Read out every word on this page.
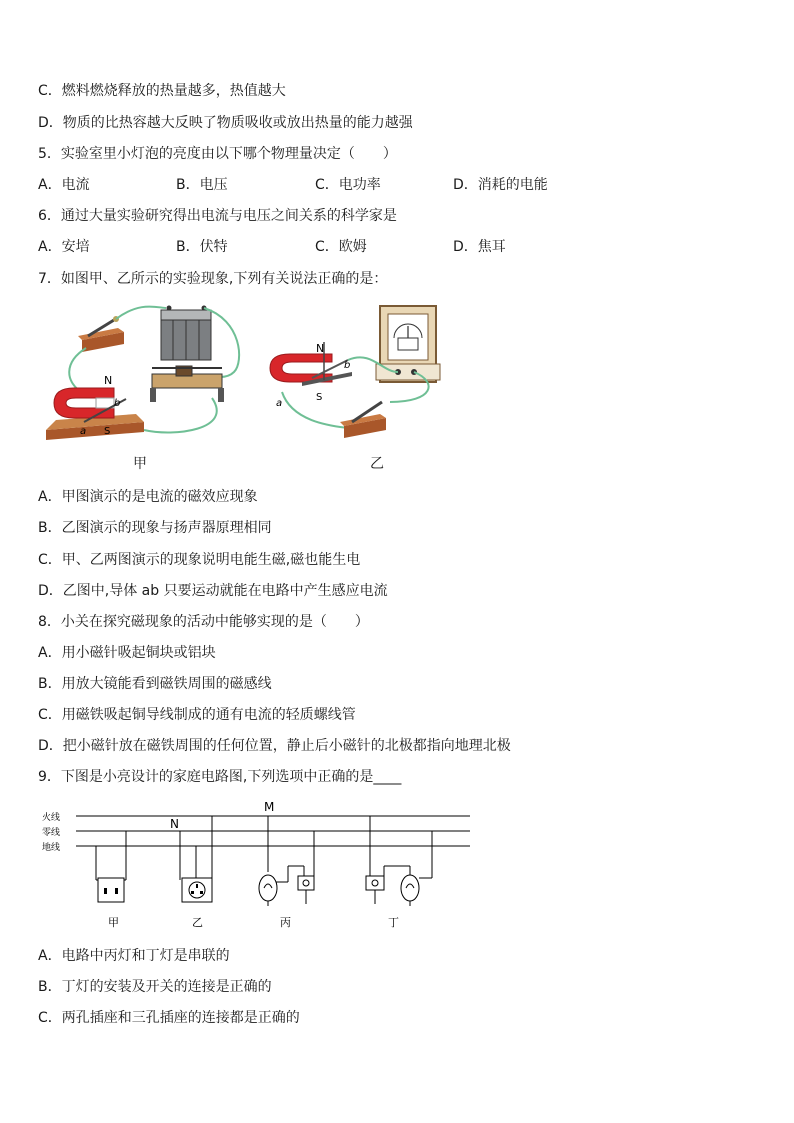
C．燃料燃烧释放的热量越多，热值越大
D．物质的比热容越大反映了物质吸收或放出热量的能力越强
5．实验室里小灯泡的亮度由以下哪个物理量决定（　　）
A．电流	B．电压	C．电功率	D．消耗的电能
6．通过大量实验研究得出电流与电压之间关系的科学家是
A．安培	B．伏特	C．欧姆	D．焦耳
7．如图甲、乙所示的实验现象,下列有关说法正确的是：
N
b
a S
甲
N
b
S
a
乙
A．甲图演示的是电流的磁效应现象
B．乙图演示的现象与扬声器原理相同
C．甲、乙两图演示的现象说明电能生磁,磁也能生电
D．乙图中,导体 ab 只要运动就能在电路中产生感应电流
8．小关在探究磁现象的活动中能够实现的是（　　）
A．用小磁针吸起铜块或铝块
B．用放大镜能看到磁铁周围的磁感线
C．用磁铁吸起铜导线制成的通有电流的轻质螺线管
D．把小磁针放在磁铁周围的任何位置，静止后小磁针的北极都指向地理北极
9．下图是小亮设计的家庭电路图,下列选项中正确的是____
火线
零线
地线
M
N
甲	乙	丙	丁
A．电路中丙灯和丁灯是串联的
B．丁灯的安装及开关的连接是正确的
C．两孔插座和三孔插座的连接都是正确的
